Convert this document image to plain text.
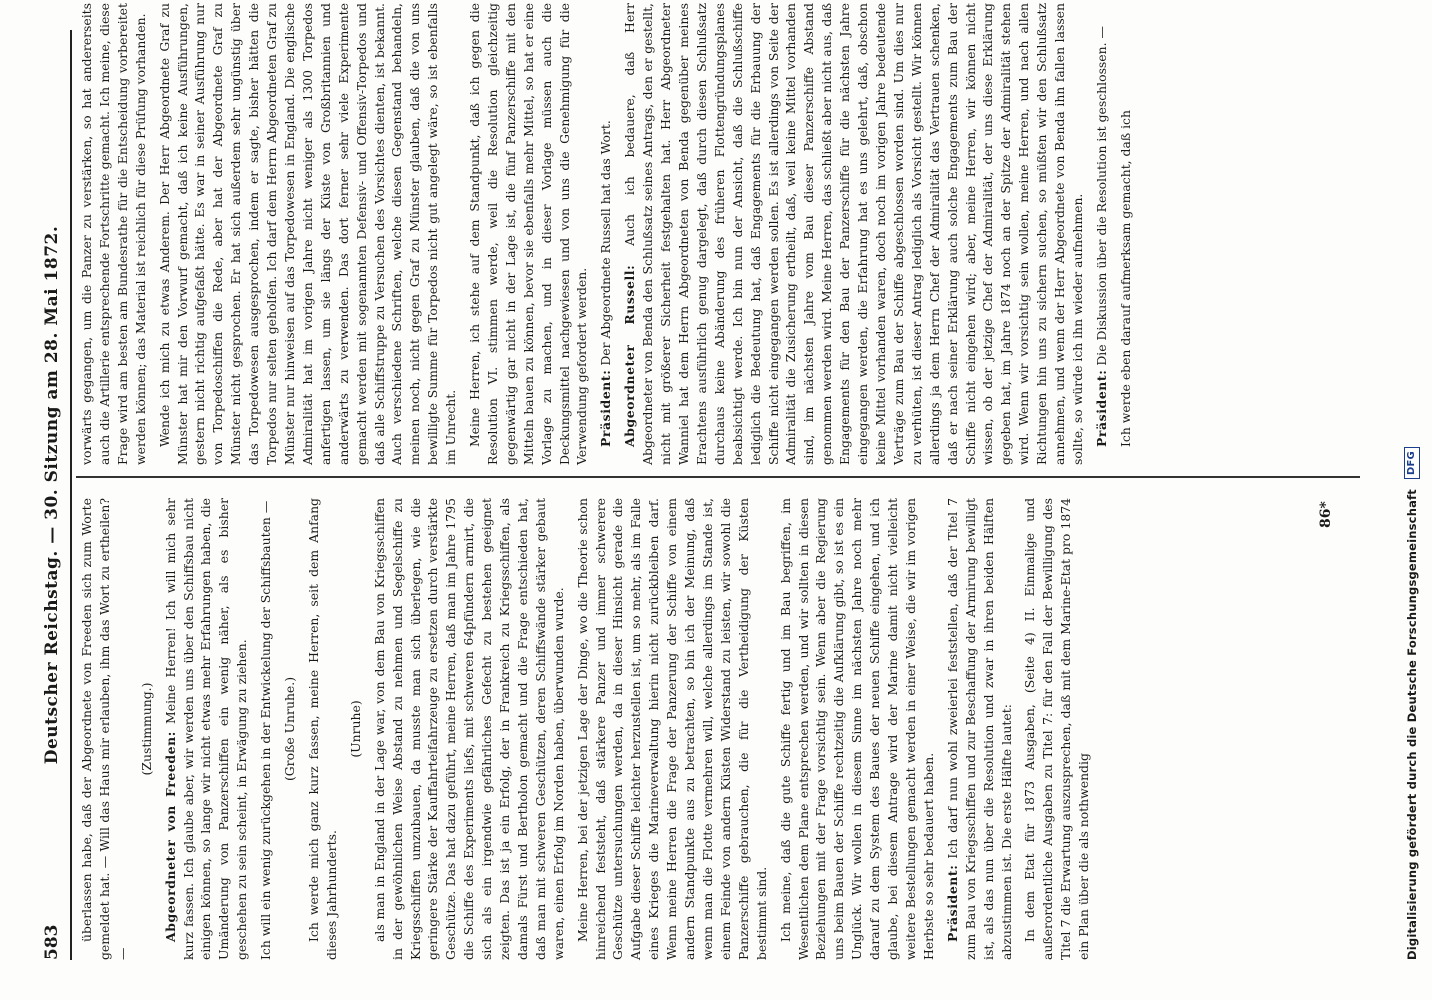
583
Deutscher Reichstag. — 30. Sitzung am 28. Mai 1872. überlassen habe, daß der Abgeordnete von Freeden sich zum Worte gemeldet hat. — Will das Haus mir erlauben, ihm das Wort zu ertheilen? —

(Zustimmung.)

Abgeordneter von Freeden: Meine Herren! Ich will mich sehr kurz fassen. Ich glaube aber, wir werden uns über den Schiffsbau nicht einigen können, so lange wir nicht etwas mehr Erfahrungen haben, die Umänderung von Panzerschiffen ein wenig näher, als es bisher geschehen zu sein scheint, in Erwägung zu ziehen. Ich will ein wenig zurückgehen in der Entwickelung der Schiffsbauten — (Große Unruhe.) Ich werde mich ganz kurz fassen, meine Herren, seit dem Anfang dieses Jahrhunderts.

(Unruhe) als man in England in der Lage war, von dem Bau von Kriegsschiffen in der gewöhnlichen Weise Abstand zu nehmen und Segelschiffe zu Kriegsschiffen umzubauen, da musste man sich überlegen, wie die geringere Stärke der Kauffahrteifahrzeuge zu ersetzen durch verstärkte Geschütze. Das hat dazu geführt, meine Herren, daß man im Jahre 1795 die Schiffe des Experiments liefs, mit schweren 64pfündern armirt, die sich als ein irgendwie gefährliches Gefecht zu bestehen geeignet zeigten. Das ist ja ein Erfolg, der in Frankreich zu Kriegsschiffen, als damals Fürst und Bertholon gemacht und die Frage entschieden hat, daß man mit schweren Geschützen, deren Schiffswände stärker gebaut waren, einen Erfolg im Norden haben, überwunden wurde. Meine Herren, bei der jetzigen Lage der Dinge, wo die Theorie schon hinreichend feststeht, daß stärkere Panzer und immer schwerere Geschütze untersuchungen werden, da in dieser Hinsicht gerade die Aufgabe dieser Schiffe leichter herzustellen ist, um so mehr, als im Falle eines Krieges die Marineverwaltung hierin nicht zurückbleiben darf. Wenn meine Herren die Frage der Panzerung der Schiffe von einem andern Standpunkte aus zu betrachten, so bin ich der Meinung, daß wenn man die Flotte vermehren will, welche allerdings im Stande ist, einem Feinde von andern Küsten Widerstand zu leisten, wir sowohl die Panzerschiffe gebrauchen, die für die Vertheidigung der Küsten bestimmt sind. Ich meine, daß die gute Schiffe fertig und im Bau begriffen, im Wesentlichen dem Plane entsprechen werden, und wir sollten in diesen Beziehungen mit der Frage vorsichtig sein. Wenn aber die Regierung uns beim Bauen der Schiffe rechtzeitig die Aufklärung gibt, so ist es ein Unglück. Wir wollen in diesem Sinne im nächsten Jahre noch mehr darauf zu dem System des Baues der neuen Schiffe eingehen, und ich glaube, bei diesem Antrage wird der Marine damit nicht vielleicht weitere Bestellungen gemacht werden in einer Weise, die wir im vorigen Herbste so sehr bedauert haben. Präsident: Ich darf nun wohl zweierlei feststellen, daß der Titel 7 zum Bau von Kriegsschiffen und zur Beschaffung der Armirung bewilligt ist, als das nun über die Resolution und zwar in ihren beiden Hälften abzustimmen ist. Die erste Hälfte lautet: In dem Etat für 1873 Ausgaben, (Seite 4) II. Einmalige und außerordentliche Ausgaben zu Titel 7: für den Fall der Bewilligung des Titel 7 die Erwartung auszusprechen, daß mit dem Marine-Etat pro 1874 ein Plan über die als nothwendig

vorwärts gegangen, um die Panzer zu verstärken, so hat andererseits auch die Artillerie entsprechende Fortschritte gemacht. Ich meine, diese Frage wird am besten am Bundesrathe für die Entscheidung vorbereitet werden können; das Material ist reichlich für diese Prüfung vorhanden. Wende ich mich zu etwas Anderem. Der Herr Abgeordnete Graf zu Münster hat mir den Vorwurf gemacht, daß ich keine Ausführungen, gestern nicht richtig aufgefaßt hätte. Es war in seiner Ausführung nur von Torpedoschiffen die Rede, aber hat der Abgeordnete Graf zu Münster nicht gesprochen. Er hat sich außerdem sehr ungünstig über das Torpedowesen ausgesprochen, indem er sagte, bisher hätten die Torpedos nur selten geholfen. Ich darf dem Herrn Abgeordneten Graf zu Münster nur hinweisen auf das Torpedowesen in England. Die englische Admiralität hat im vorigen Jahre nicht weniger als 1300 Torpedos anfertigen lassen, um sie längs der Küste von Großbritannien und anderwärts zu verwenden. Das dort ferner sehr viele Experimente gemacht werden mit sogenannten Defensiv- und Offensiv-Torpedos und daß alle Schiffstruppe zu Versuchen des Vorsichtes dienten, ist bekannt. Auch verschiedene Schriften, welche diesen Gegenstand behandeln, meinen noch, nicht gegen Graf zu Münster glauben, daß die von uns bewilligte Summe für Torpedos nicht gut angelegt wäre, so ist ebenfalls im Unrecht. Meine Herren, ich stehe auf dem Standpunkt, daß ich gegen die Resolution VI. stimmen werde, weil die Resolution gleichzeitig gegenwärtig gar nicht in der Lage ist, die fünf Panzerschiffe mit den Mitteln bauen zu können, bevor sie ebenfalls mehr Mittel, so hat er eine Vorlage zu machen, und in dieser Vorlage müssen auch die Deckungsmittel nachgewiesen und von uns die Genehmigung für die Verwendung gefordert werden. Präsident: Der Abgeordnete Russell hat das Wort. Abgeordneter Russell: Auch ich bedauere, daß Herr Abgeordneter von Benda den Schlußsatz seines Antrags, den er gestellt, nicht mit größerer Sicherheit festgehalten hat. Herr Abgeordneter Wanniel hat dem Herrn Abgeordneten von Benda gegenüber meines Erachtens ausführlich genug dargelegt, daß durch diesen Schlußsatz durchaus keine Abänderung des früheren Flottengründungsplanes beabsichtigt werde. Ich bin nun der Ansicht, daß die Schlußschiffe lediglich die Bedeutung hat, daß Engagements für die Erbauung der Schiffe nicht eingegangen werden sollen. Es ist allerdings von Seite der Admiralität die Zusicherung ertheilt, daß, weil keine Mittel vorhanden sind, im nächsten Jahre vom Bau dieser Panzerschiffe Abstand genommen werden wird. Meine Herren, das schließt aber nicht aus, daß Engagements für den Bau der Panzerschiffe für die nächsten Jahre eingegangen werden, die Erfahrung hat es uns gelehrt, daß, obschon keine Mittel vorhanden waren, doch noch im vorigen Jahre bedeutende Verträge zum Bau der Schiffe abgeschlossen worden sind. Um dies nur zu verhüten, ist dieser Antrag lediglich als Vorsicht gestellt. Wir können allerdings ja dem Herrn Chef der Admiralität das Vertrauen schenken, daß er nach seiner Erklärung auch solche Engagements zum Bau der Schiffe nicht eingehen wird; aber, meine Herren, wir können nicht wissen, ob der jetzige Chef der Admiralität, der uns diese Erklärung gegeben hat, im Jahre 1874 noch an der Spitze der Admiralität stehen wird. Wenn wir vorsichtig sein wollen, meine Herren, und nach allen Richtungen hin uns zu sichern suchen, so müßten wir den Schlußsatz annehmen, und wenn der Herr Abgeordnete von Benda ihn fallen lassen sollte, so würde ich ihn wieder aufnehmen. Präsident: Die Diskussion über die Resolution ist geschlossen. — Ich werde eben darauf aufmerksam gemacht, daß ich

86*	Digitalisierung gefördert durch die Deutsche Forschungsgemeinschaft
DFG
